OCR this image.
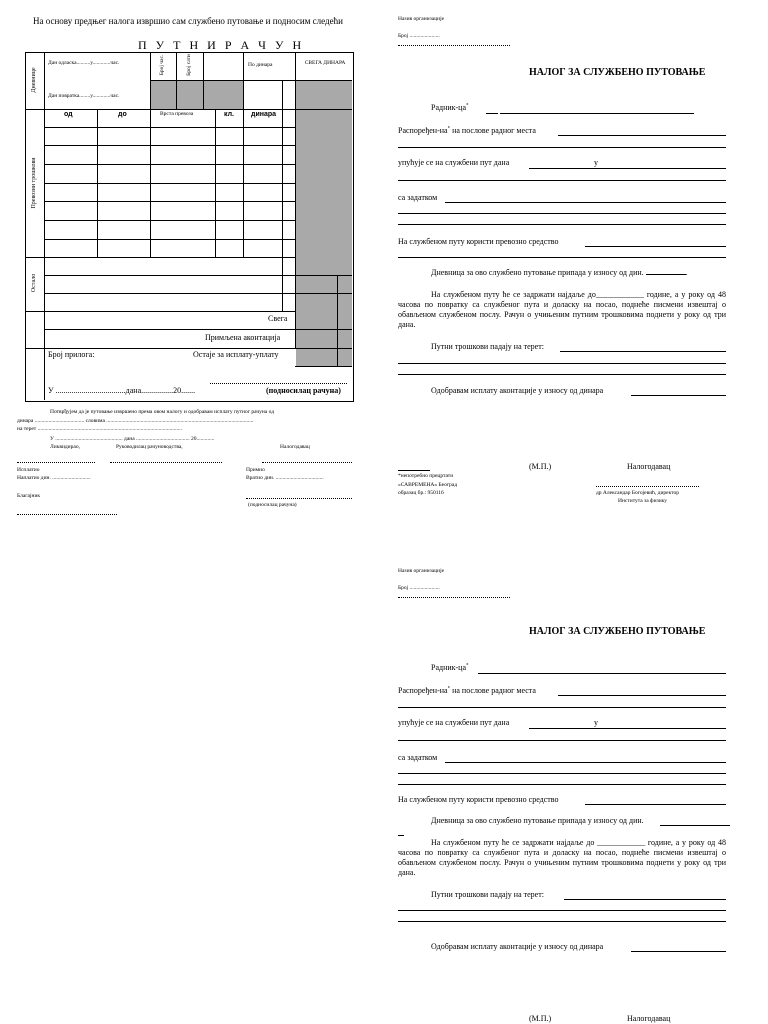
На основу предњег налога извршио сам службено путовање и подносим следећи
П У Т Н И Р А Ч У Н
Дневнице
Превозни трошкови
Остало
Дан одласка..........у.............час.
Дан повратка........у.............час.
Број час.	Број сати	По динара	СВЕГА ДИНАРА
од	до	Врста превоза	кл. динара
Свега
Примљена аконтација
Број прилога:	Остаје за исплату-уплату
У ...................................дана................20.......	(подносилац рачуна)
Потврђујем да је путовање извршено према овом налогу и одобравам исплату путног рачуна од
динара .................................... словима ...........................................................................................................
на терет .........................................................................................................
У ................................................. дана ....................................... 20.............
Ликвидирао,	Руководилац рачуноводства,	Налогодавац
Исплатио
Наплатио дин. ............................
Примио
Вратио дин. ...................................
Благајник
(подносилац рачуна)
Назив организације
Број ......................
НАЛОГ ЗА СЛУЖБЕНО ПУТОВАЊЕ
Радник-ца*
Распоређен-на* на послове радног места
упућује се на службени пут дана	у
са задатком
На службеном путу користи превозно средство
Дневница за ово службено путовање припада у износу од дин.	.
На службеном путу ће се задржати најдаље до____________ године, а у року од 48 часова по повратку са службеног пута и доласку на посао, поднеће писмени извештај о обављеном службеном послу. Рачун о учињеним путним трошковима поднети у року од три дана.
Путни трошкови падају на терет:
Одобравам исплату аконтације у износу од динара
(М.П.)	Налогодавац
*непотребно прецртати
«САВРЕМЕНА» Београд
образац бр.: 950116	др Александар Богојевић, директор
Института за физику
Назив организације
Број ......................
НАЛОГ ЗА СЛУЖБЕНО ПУТОВАЊЕ
Радник-ца*
Распоређен-на* на послове радног места
упућује се на службени пут дана	у
са задатком
На службеном путу користи превозно средство
Дневница за ово службено путовање припада у износу од дин.
На службеном путу ће се задржати најдаље до ____________ године, а у року од 48 часова по повратку са службеног пута и доласку на посао, поднеће писмени извештај о обављеном службеном послу. Рачун о учињеним путним трошковима поднети у року од три дана.
Путни трошкови падају на терет:
Одобравам исплату аконтације у износу од динара
(М.П.)	Налогодавац
